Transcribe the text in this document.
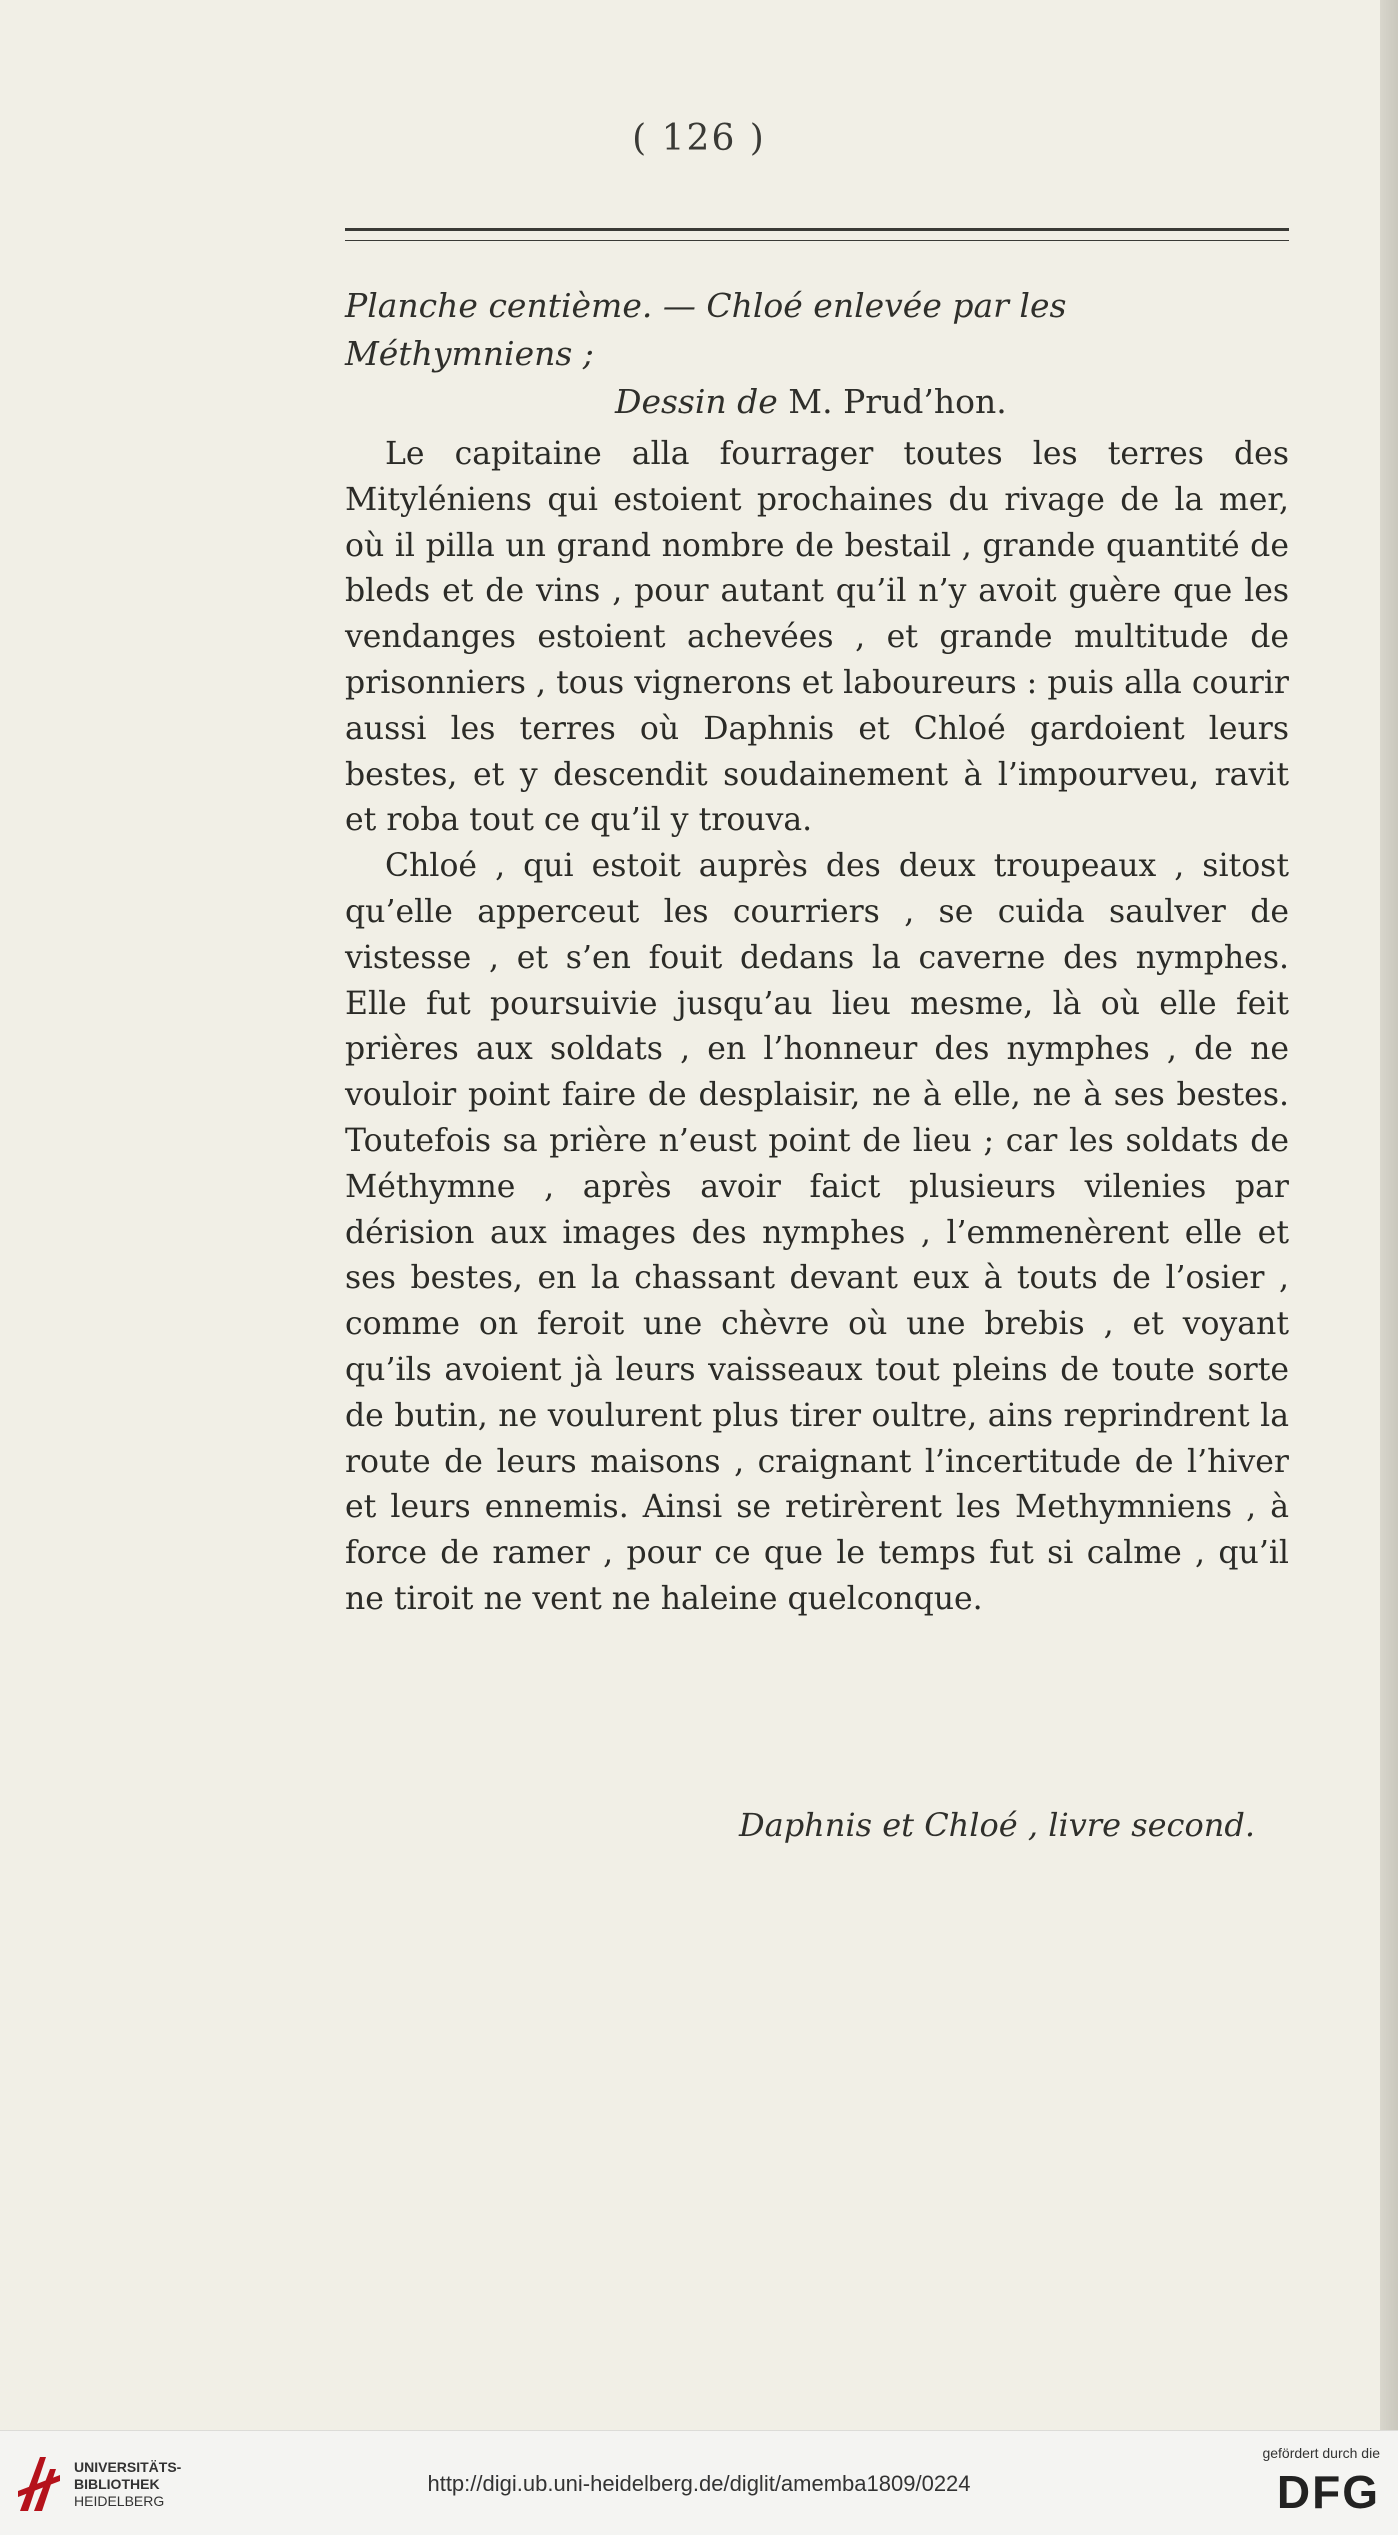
( 126 )
Planche centième. — Chloé enlevée par les Méthymniens ;
Dessin de M. Prud’hon.

Le capitaine alla fourrager toutes les terres des Mityléniens qui estoient prochaines du rivage de la mer, où il pilla un grand nombre de bestail , grande quantité de bleds et de vins , pour autant qu’il n’y avoit guère que les vendanges estoient achevées , et grande multitude de prisonniers , tous vignerons et laboureurs : puis alla courir aussi les terres où Daphnis et Chloé gardoient leurs bestes, et y descendit soudainement à l’impourveu, ravit et roba tout ce qu’il y trouva.

Chloé , qui estoit auprès des deux troupeaux , sitost qu’elle apperceut les courriers , se cuida saulver de vistesse , et s’en fouit dedans la caverne des nymphes. Elle fut poursuivie jusqu’au lieu mesme, là où elle feit prières aux soldats , en l’honneur des nymphes , de ne vouloir point faire de desplaisir, ne à elle, ne à ses bestes. Toutefois sa prière n’eust point de lieu ; car les soldats de Méthymne , après avoir faict plusieurs vilenies par dérision aux images des nymphes , l’emmenèrent elle et ses bestes, en la chassant devant eux à touts de l’osier , comme on feroit une chèvre où une brebis , et voyant qu’ils avoient jà leurs vaisseaux tout pleins de toute sorte de butin, ne voulurent plus tirer oultre, ains reprindrent la route de leurs maisons , craignant l’incertitude de l’hiver et leurs ennemis. Ainsi se retirèrent les Methymniens , à force de ramer , pour ce que le temps fut si calme , qu’il ne tiroit ne vent ne haleine quelconque.

Daphnis et Chloé , livre second.
UNIVERSITÄTS-
BIBLIOTHEK
HEIDELBERG
http://digi.ub.uni-heidelberg.de/diglit/amemba1809/0224
gefördert durch die
DFG
